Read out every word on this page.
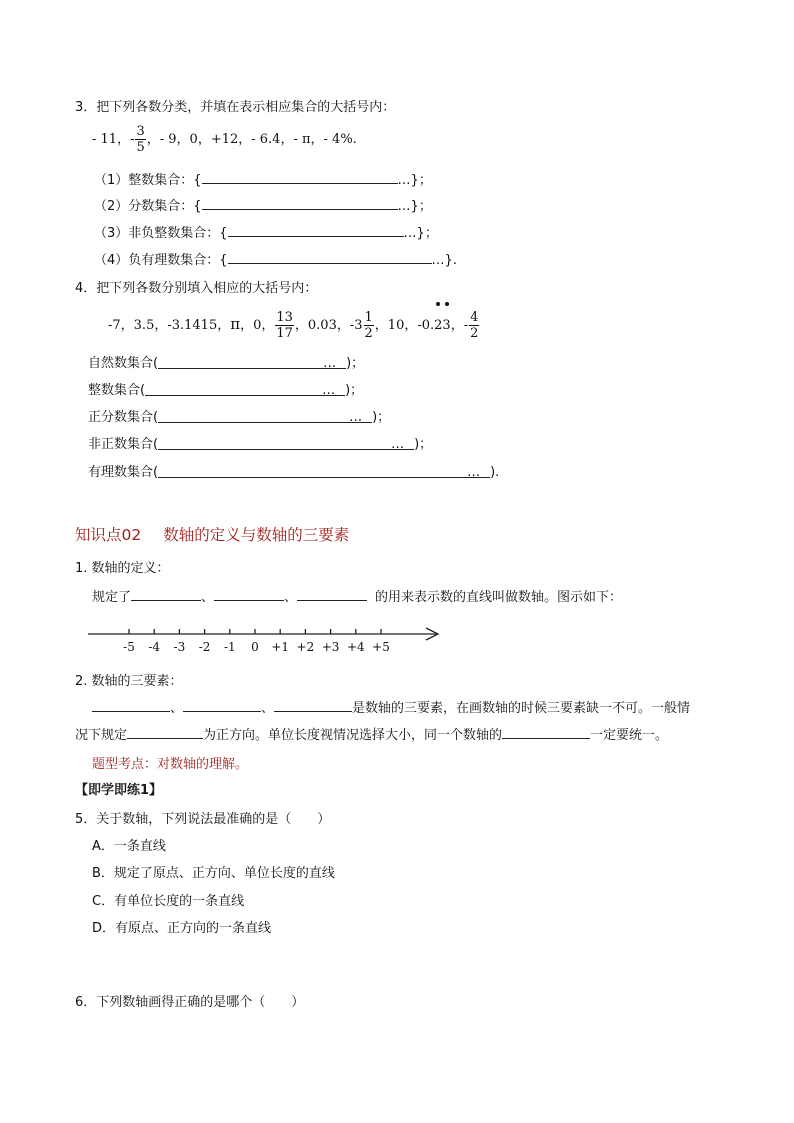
3．把下列各数分类，并填在表示相应集合的大括号内：
- 11，- $\frac{3}{5}$ ，- 9，0，+12，- 6.4，- π，- 4%.
（1）整数集合：{	…}；
（2）分数集合：{	…}；
（3）非负整数集合：{	…}；
（4）负有理数集合：{	…}.
4．把下列各数分别填入相应的大括号内：
-7，3.5，-3.1415，π，0， $\frac{13}{17}$ ，0.03，$-3 \frac{1}{2}$ ，10，-0.23，- $\frac{4}{2}$
自然数集合(	… )；
整数集合(	… )；
正分数集合(	… )；
非正数集合(	… )；
有理数集合(	… ).
知识点02 数轴的定义与数轴的三要素
1. 数轴的定义：
规定了	、	、	的用来表示数的直线叫做数轴。图示如下：
-5 -4 -3 -2 -1 0 +1 +2 +3 +4 +5
2. 数轴的三要素：
、	、	是数轴的三要素，在画数轴的时候三要素缺一不可。一般情
况下规定	为正方向。单位长度视情况选择大小，同一个数轴的	一定要统一。
题型考点：对数轴的理解。
【即学即练1】
5．关于数轴，下列说法最准确的是（　　）
A．一条直线
B．规定了原点、正方向、单位长度的直线
C．有单位长度的一条直线
D．有原点、正方向的一条直线
6．下列数轴画得正确的是哪个（　　）
